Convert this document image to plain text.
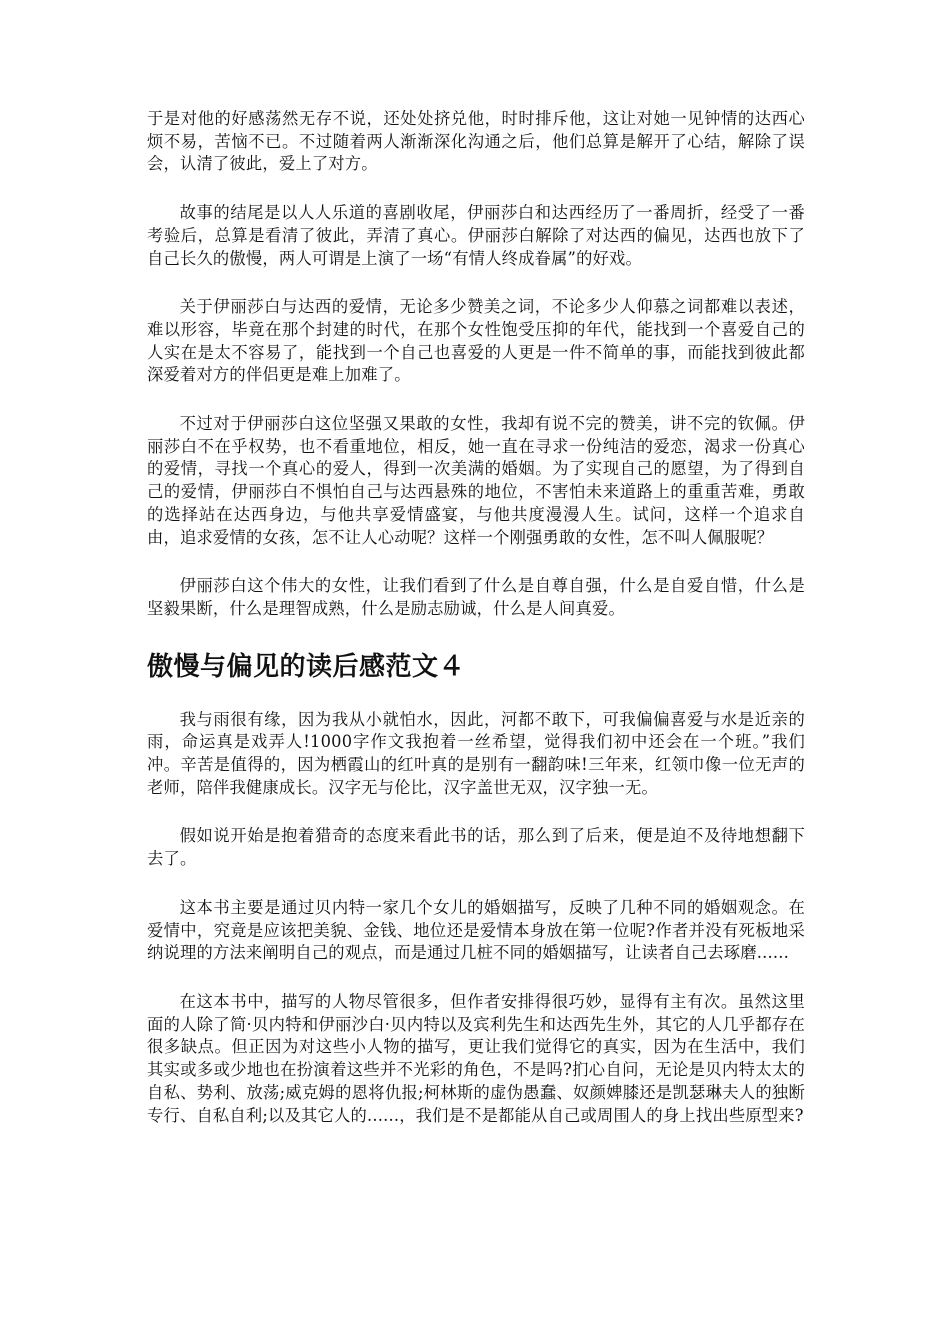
于是对他的好感荡然无存不说，还处处挤兑他，时时排斥他，这让对她一见钟情的达西心烦不易，苦恼不已。不过随着两人渐渐深化沟通之后，他们总算是解开了心结，解除了误会，认清了彼此，爱上了对方。

故事的结尾是以人人乐道的喜剧收尾，伊丽莎白和达西经历了一番周折，经受了一番考验后，总算是看清了彼此，弄清了真心。伊丽莎白解除了对达西的偏见，达西也放下了自己长久的傲慢，两人可谓是上演了一场“有情人终成眷属”的好戏。

关于伊丽莎白与达西的爱情，无论多少赞美之词，不论多少人仰慕之词都难以表述，难以形容，毕竟在那个封建的时代，在那个女性饱受压抑的年代，能找到一个喜爱自己的人实在是太不容易了，能找到一个自己也喜爱的人更是一件不简单的事，而能找到彼此都深爱着对方的伴侣更是难上加难了。

不过对于伊丽莎白这位坚强又果敢的女性，我却有说不完的赞美，讲不完的钦佩。伊丽莎白不在乎权势，也不看重地位，相反，她一直在寻求一份纯洁的爱恋，渴求一份真心的爱情，寻找一个真心的爱人，得到一次美满的婚姻。为了实现自己的愿望，为了得到自己的爱情，伊丽莎白不惧怕自己与达西悬殊的地位，不害怕未来道路上的重重苦难，勇敢的选择站在达西身边，与他共享爱情盛宴，与他共度漫漫人生。试问，这样一个追求自由，追求爱情的女孩，怎不让人心动呢？这样一个刚强勇敢的女性，怎不叫人佩服呢？

伊丽莎白这个伟大的女性，让我们看到了什么是自尊自强，什么是自爱自惜，什么是坚毅果断，什么是理智成熟，什么是励志励诚，什么是人间真爱。

傲慢与偏见的读后感范文４

我与雨很有缘，因为我从小就怕水，因此，河都不敢下，可我偏偏喜爱与水是近亲的雨，命运真是戏弄人!1000字作文我抱着一丝希望，觉得我们初中还会在一个班。”我们冲。辛苦是值得的，因为栖霞山的红叶真的是别有一翻韵味!三年来，红领巾像一位无声的老师，陪伴我健康成长。汉字无与伦比，汉字盖世无双，汉字独一无。

假如说开始是抱着猎奇的态度来看此书的话，那么到了后来，便是迫不及待地想翻下去了。

这本书主要是通过贝内特一家几个女儿的婚姻描写，反映了几种不同的婚姻观念。在爱情中，究竟是应该把美貌、金钱、地位还是爱情本身放在第一位呢?作者并没有死板地采纳说理的方法来阐明自己的观点，而是通过几桩不同的婚姻描写，让读者自己去琢磨......

在这本书中，描写的人物尽管很多，但作者安排得很巧妙，显得有主有次。虽然这里面的人除了简·贝内特和伊丽沙白·贝内特以及宾利先生和达西先生外，其它的人几乎都存在很多缺点。但正因为对这些小人物的描写，更让我们觉得它的真实，因为在生活中，我们其实或多或少地也在扮演着这些并不光彩的角色，不是吗?扪心自问，无论是贝内特太太的自私、势利、放荡;威克姆的恩将仇报;柯林斯的虚伪愚蠢、奴颜婢膝还是凯瑟琳夫人的独断专行、自私自利;以及其它人的......，我们是不是都能从自己或周围人的身上找出些原型来?
